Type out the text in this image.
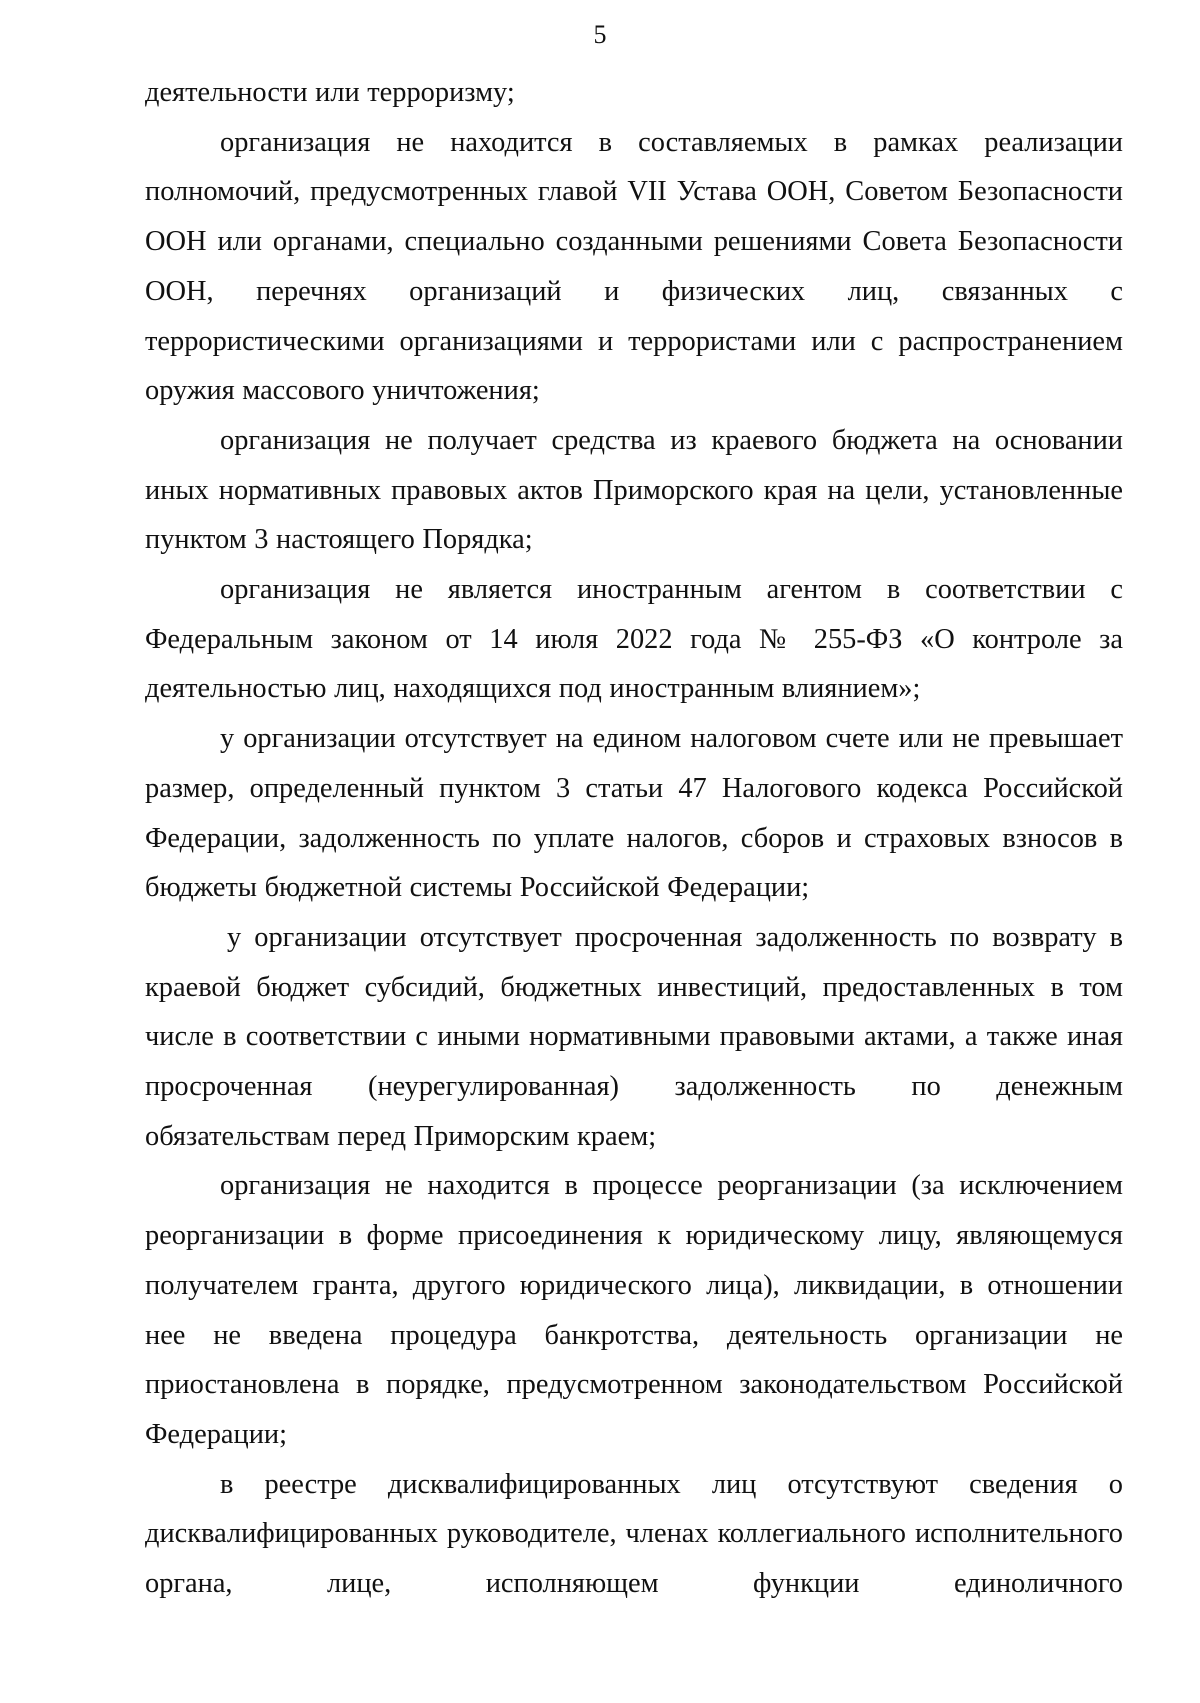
5

деятельности или терроризму;

организация не находится в составляемых в рамках реализации полномочий, предусмотренных главой VII Устава ООН, Советом Безопасности ООН или органами, специально созданными решениями Совета Безопасности ООН, перечнях организаций и физических лиц, связанных с террористическими организациями и террористами или с распространением оружия массового уничтожения;

организация не получает средства из краевого бюджета на основании иных нормативных правовых актов Приморского края на цели, установленные пунктом 3 настоящего Порядка;

организация не является иностранным агентом в соответствии с Федеральным законом от 14 июля 2022 года № 255-ФЗ «О контроле за деятельностью лиц, находящихся под иностранным влиянием»;

у организации отсутствует на едином налоговом счете или не превышает размер, определенный пунктом 3 статьи 47 Налогового кодекса Российской Федерации, задолженность по уплате налогов, сборов и страховых взносов в бюджеты бюджетной системы Российской Федерации;

у организации отсутствует просроченная задолженность по возврату в краевой бюджет субсидий, бюджетных инвестиций, предоставленных в том числе в соответствии с иными нормативными правовыми актами, а также иная просроченная (неурегулированная) задолженность по денежным обязательствам перед Приморским краем;

организация не находится в процессе реорганизации (за исключением реорганизации в форме присоединения к юридическому лицу, являющемуся получателем гранта, другого юридического лица), ликвидации, в отношении нее не введена процедура банкротства, деятельность организации не приостановлена в порядке, предусмотренном законодательством Российской Федерации;

в реестре дисквалифицированных лиц отсутствуют сведения о дисквалифицированных руководителе, членах коллегиального исполнительного органа, лице, исполняющем функции единоличного
